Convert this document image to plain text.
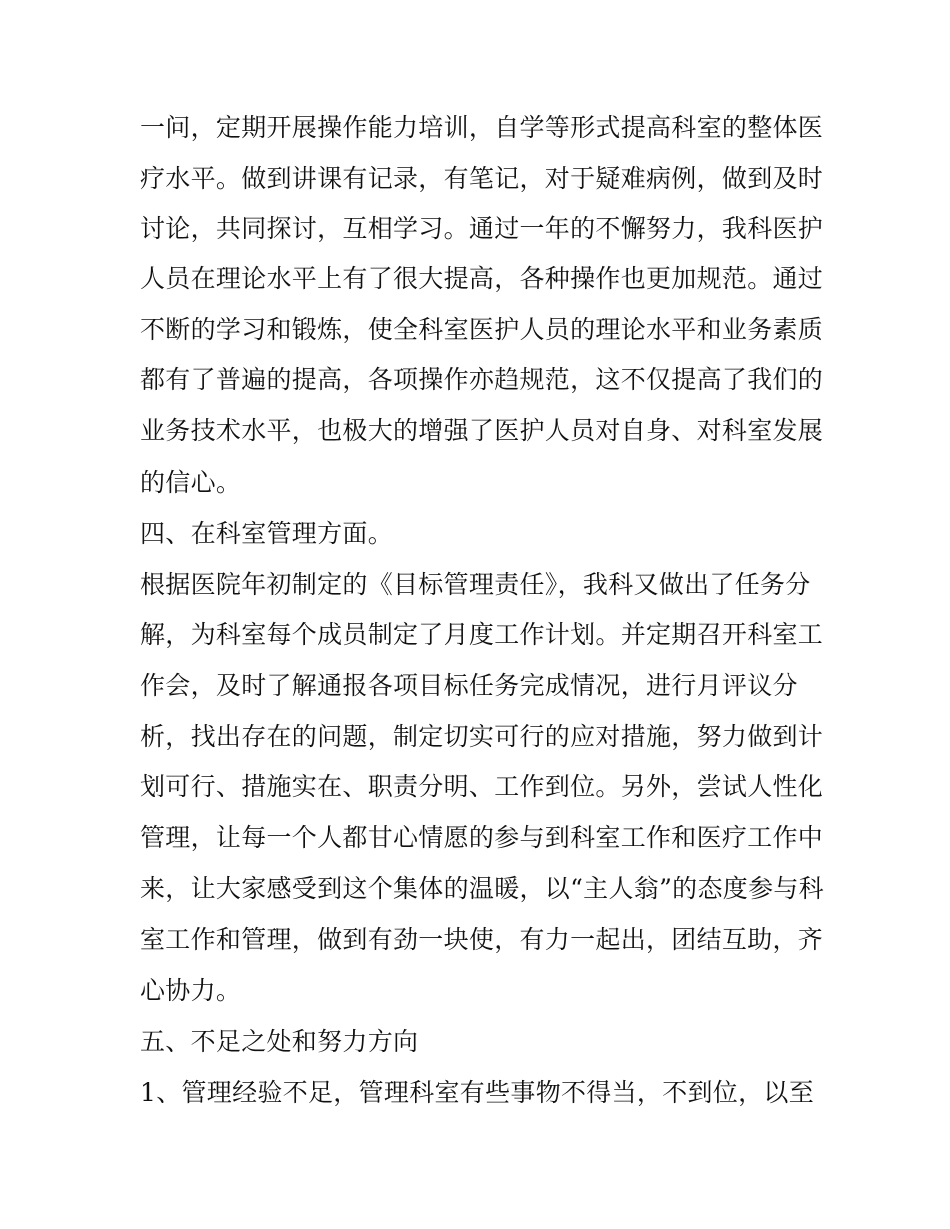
一问，定期开展操作能力培训，自学等形式提高科室的整体医
疗水平。做到讲课有记录，有笔记，对于疑难病例，做到及时
讨论，共同探讨，互相学习。通过一年的不懈努力，我科医护
人员在理论水平上有了很大提高，各种操作也更加规范。通过
不断的学习和锻炼，使全科室医护人员的理论水平和业务素质
都有了普遍的提高，各项操作亦趋规范，这不仅提高了我们的
业务技术水平，也极大的增强了医护人员对自身、对科室发展
的信心。
四、在科室管理方面。
根据医院年初制定的《目标管理责任》，我科又做出了任务分
解，为科室每个成员制定了月度工作计划。并定期召开科室工
作会，及时了解通报各项目标任务完成情况，进行月评议分
析，找出存在的问题，制定切实可行的应对措施，努力做到计
划可行、措施实在、职责分明、工作到位。另外，尝试人性化
管理，让每一个人都甘心情愿的参与到科室工作和医疗工作中
来，让大家感受到这个集体的温暖，以“主人翁”的态度参与科
室工作和管理，做到有劲一块使，有力一起出，团结互助，齐
心协力。
五、不足之处和努力方向
1、管理经验不足，管理科室有些事物不得当，不到位，以至
